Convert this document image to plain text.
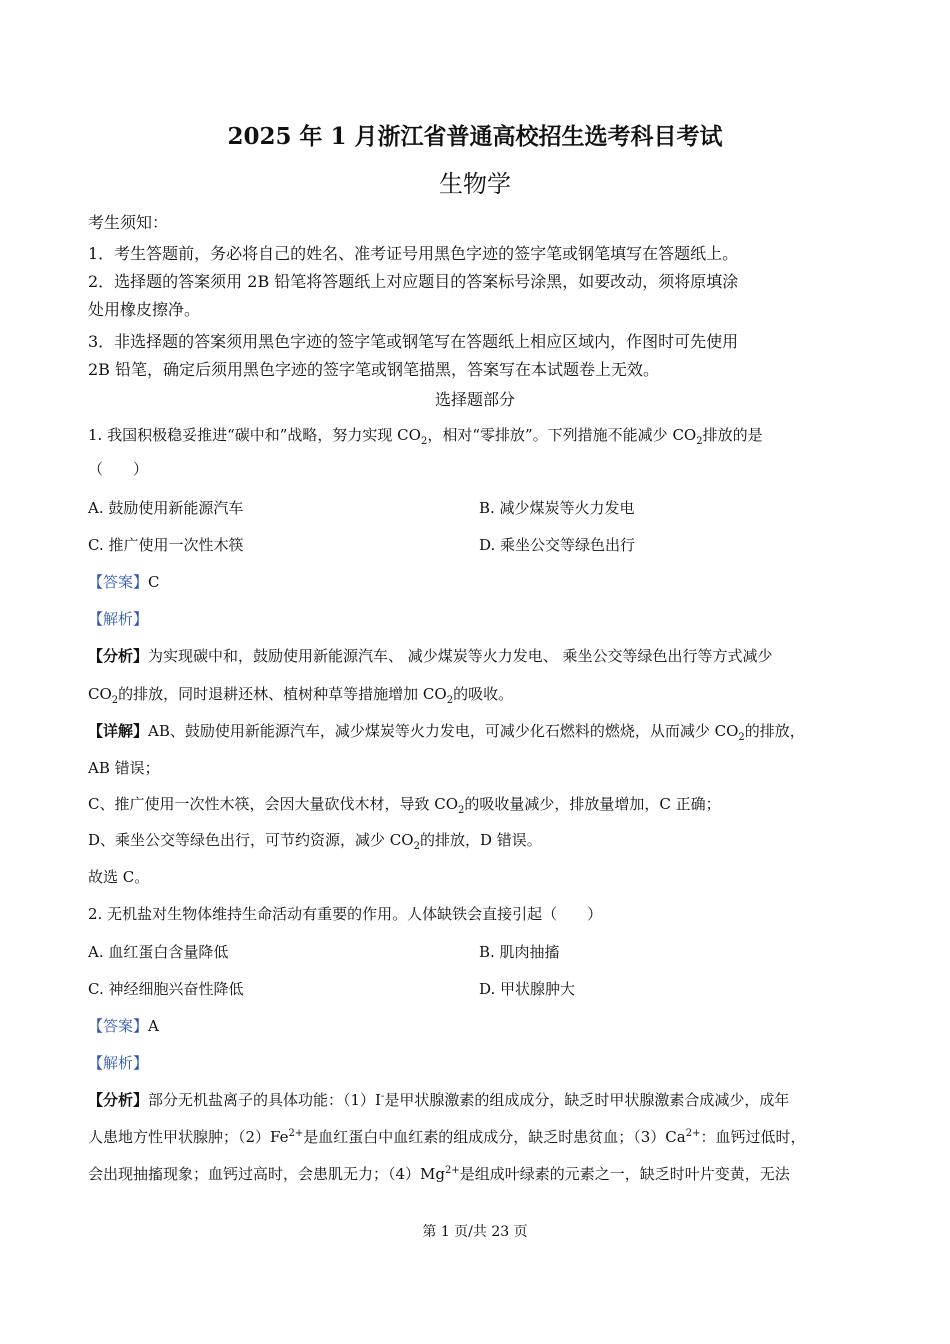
2025 年 1 月浙江省普通高校招生选考科目考试
生物学
考生须知：
1．考生答题前，务必将自己的姓名、准考证号用黑色字迹的签字笔或钢笔填写在答题纸上。
2．选择题的答案须用 2B 铅笔将答题纸上对应题目的答案标号涂黑，如要改动，须将原填涂
处用橡皮擦净。
3．非选择题的答案须用黑色字迹的签字笔或钢笔写在答题纸上相应区域内，作图时可先使用
2B 铅笔，确定后须用黑色字迹的签字笔或钢笔描黑，答案写在本试题卷上无效。
选择题部分
1. 我国积极稳妥推进“碳中和”战略，努力实现 $CO_2$，相对“零排放”。下列措施不能减少 $CO_2$排放的是
（　　）
A. 鼓励使用新能源汽车	B. 减少煤炭等火力发电
C. 推广使用一次性木筷	D. 乘坐公交等绿色出行
【答案】C
【解析】
【分析】为实现碳中和，鼓励使用新能源汽车、 减少煤炭等火力发电、 乘坐公交等绿色出行等方式减少
$CO_2$的排放，同时退耕还林、植树种草等措施增加 $CO_2$的吸收。
【详解】AB、鼓励使用新能源汽车，减少煤炭等火力发电，可减少化石燃料的燃烧，从而减少 $CO_2$的排放，
AB 错误；
C、推广使用一次性木筷，会因大量砍伐木材，导致 $CO_2$的吸收量减少，排放量增加，C 正确；
D、乘坐公交等绿色出行，可节约资源，减少 $CO_2$的排放，D 错误。
故选 C。
2. 无机盐对生物体维持生命活动有重要的作用。人体缺铁会直接引起（　　）
A. 血红蛋白含量降低	B. 肌肉抽搐
C. 神经细胞兴奋性降低	D. 甲状腺肿大
【答案】A
【解析】
【分析】部分无机盐离子的具体功能：（1）I-是甲状腺激素的组成成分，缺乏时甲状腺激素合成减少，成年
人患地方性甲状腺肿；$(2)Fe^{2+}$是血红蛋白中血红素的组成成分，缺乏时患贫血；$(3)Ca^{2+}$：血钙过低时，
会出现抽搐现象；血钙过高时，会患肌无力；$(4)Mg^{2+}$是组成叶绿素的元素之一，缺乏时叶片变黄，无法
第 1 页/共 23 页
